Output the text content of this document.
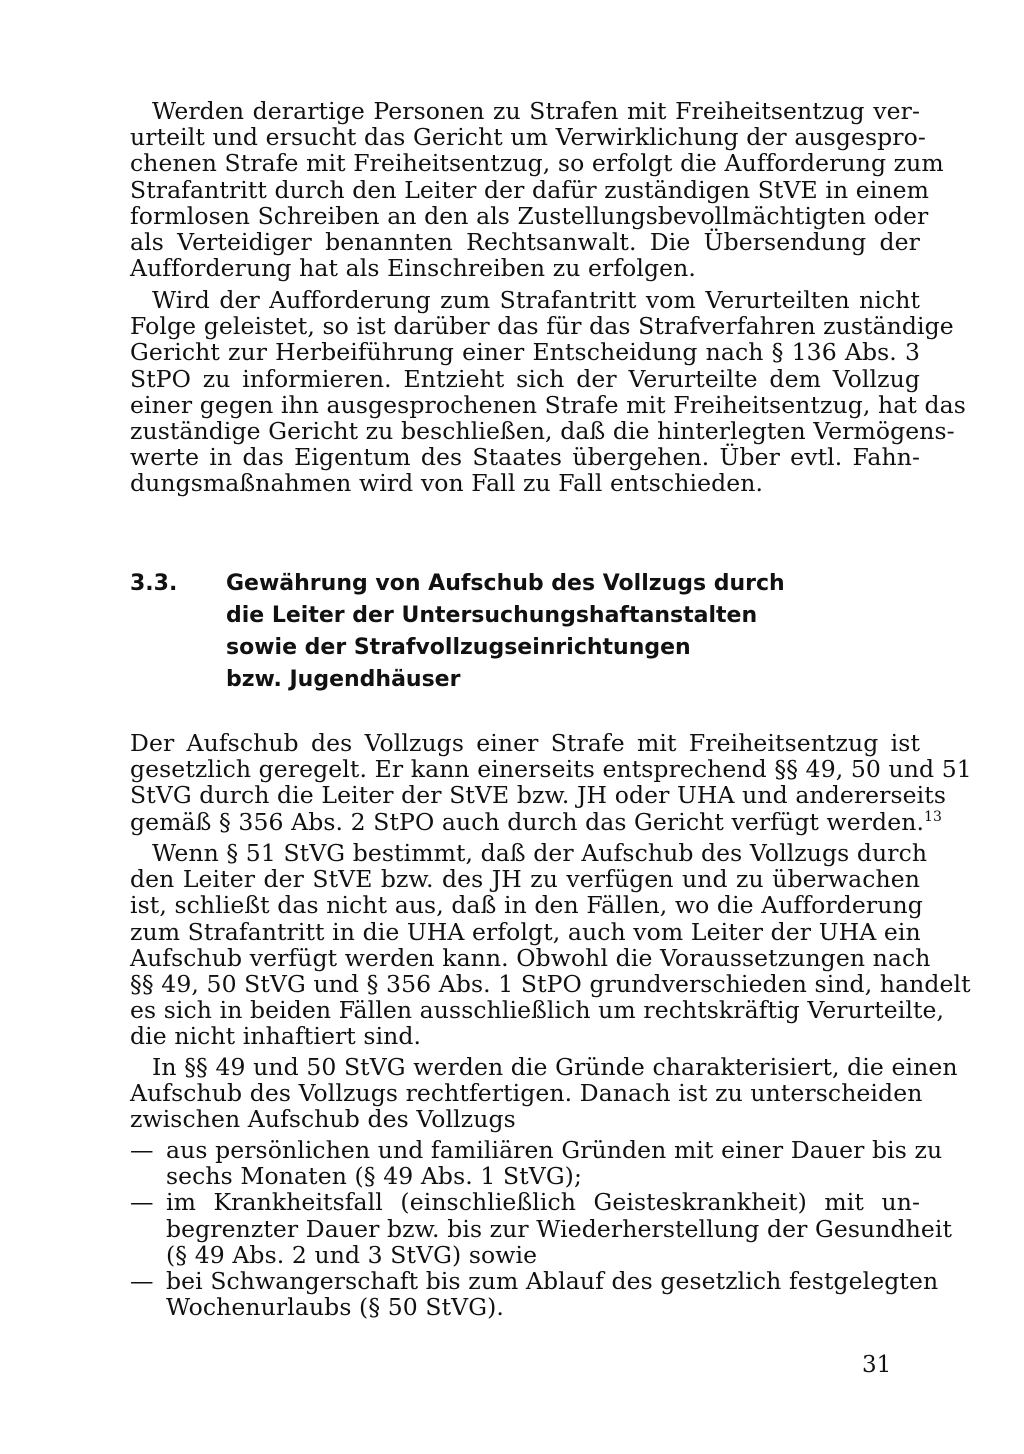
Werden derartige Personen zu Strafen mit Freiheitsentzug ver-
urteilt und ersucht das Gericht um Verwirklichung der ausgespro-
chenen Strafe mit Freiheitsentzug, so erfolgt die Aufforderung zum
Strafantritt durch den Leiter der dafür zuständigen StVE in einem
formlosen Schreiben an den als Zustellungsbevollmächtigten oder
als Verteidiger benannten Rechtsanwalt. Die Übersendung der
Aufforderung hat als Einschreiben zu erfolgen.
Wird der Aufforderung zum Strafantritt vom Verurteilten nicht
Folge geleistet, so ist darüber das für das Strafverfahren zuständige
Gericht zur Herbeiführung einer Entscheidung nach § 136 Abs. 3
StPO zu informieren. Entzieht sich der Verurteilte dem Vollzug
einer gegen ihn ausgesprochenen Strafe mit Freiheitsentzug, hat das
zuständige Gericht zu beschließen, daß die hinterlegten Vermögens-
werte in das Eigentum des Staates übergehen. Über evtl. Fahn-
dungsmaßnahmen wird von Fall zu Fall entschieden.
3.3. Gewährung von Aufschub des Vollzugs durch
die Leiter der Untersuchungshaftanstalten
sowie der Strafvollzugseinrichtungen
bzw. Jugendhäuser
Der Aufschub des Vollzugs einer Strafe mit Freiheitsentzug ist
gesetzlich geregelt. Er kann einerseits entsprechend §§ 49, 50 und 51
StVG durch die Leiter der StVE bzw. JH oder UHA und andererseits
gemäß § 356 Abs. 2 StPO auch durch das Gericht verfügt werden.$^{13}$
Wenn § 51 StVG bestimmt, daß der Aufschub des Vollzugs durch
den Leiter der StVE bzw. des JH zu verfügen und zu überwachen
ist, schließt das nicht aus, daß in den Fällen, wo die Aufforderung
zum Strafantritt in die UHA erfolgt, auch vom Leiter der UHA ein
Aufschub verfügt werden kann. Obwohl die Voraussetzungen nach
§§ 49, 50 StVG und § 356 Abs. 1 StPO grundverschieden sind, handelt
es sich in beiden Fällen ausschließlich um rechtskräftig Verurteilte,
die nicht inhaftiert sind.
In §§ 49 und 50 StVG werden die Gründe charakterisiert, die einen
Aufschub des Vollzugs rechtfertigen. Danach ist zu unterscheiden
zwischen Aufschub des Vollzugs
— aus persönlichen und familiären Gründen mit einer Dauer bis zu
sechs Monaten (§ 49 Abs. 1 StVG);
— im Krankheitsfall (einschließlich Geisteskrankheit) mit un-
begrenzter Dauer bzw. bis zur Wiederherstellung der Gesundheit
(§ 49 Abs. 2 und 3 StVG) sowie
— bei Schwangerschaft bis zum Ablauf des gesetzlich festgelegten
Wochenurlaubs (§ 50 StVG).
31
